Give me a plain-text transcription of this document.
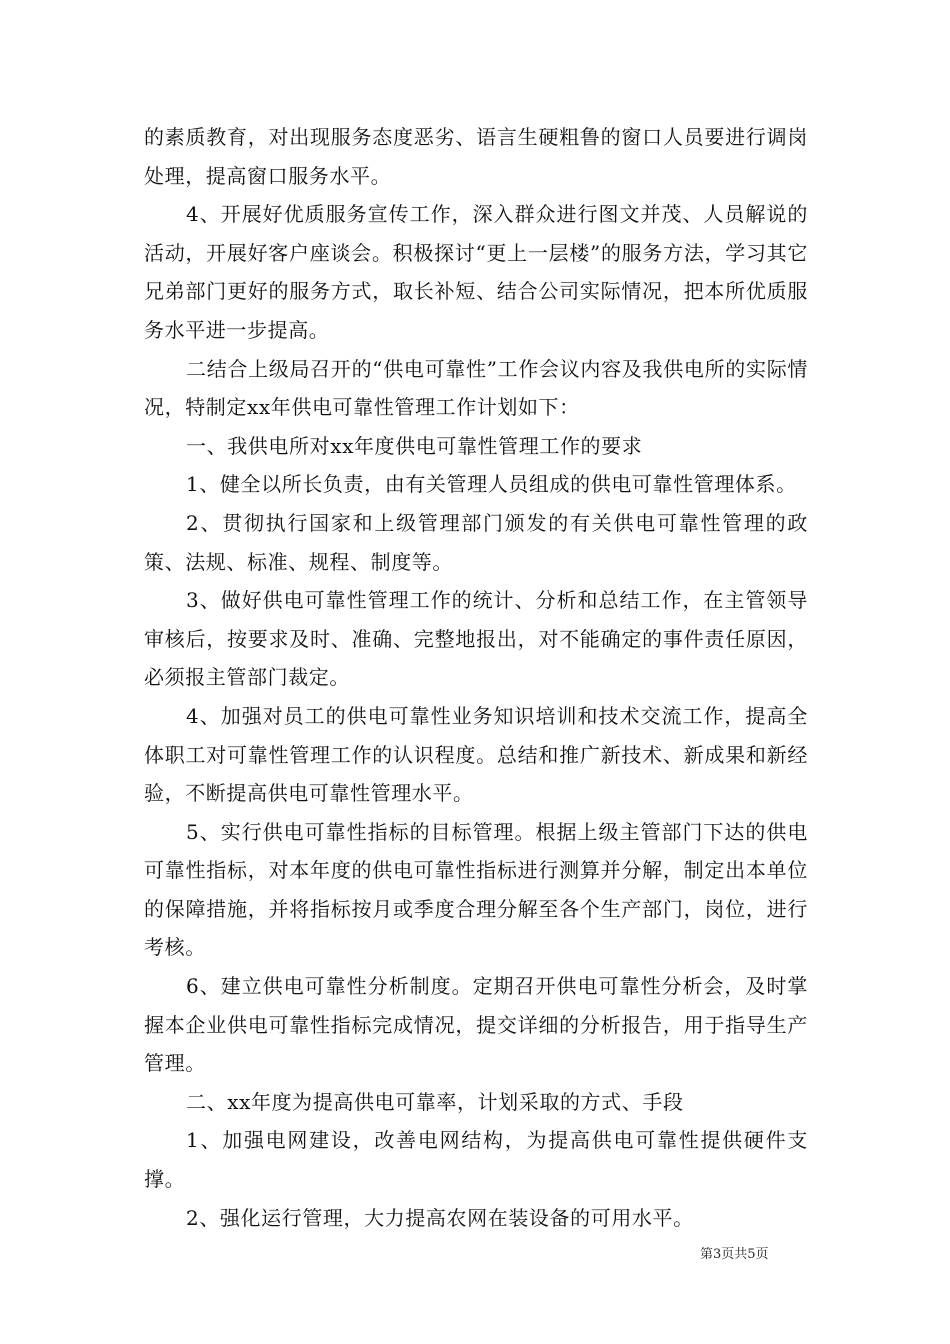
的素质教育，对出现服务态度恶劣、语言生硬粗鲁的窗口人员要进行调岗处理，提高窗口服务水平。

4、开展好优质服务宣传工作，深入群众进行图文并茂、人员解说的活动，开展好客户座谈会。积极探讨“更上一层楼”的服务方法，学习其它兄弟部门更好的服务方式，取长补短、结合公司实际情况，把本所优质服务水平进一步提高。

二结合上级局召开的“供电可靠性”工作会议内容及我供电所的实际情况，特制定xx年供电可靠性管理工作计划如下：

一、我供电所对xx年度供电可靠性管理工作的要求

1、健全以所长负责，由有关管理人员组成的供电可靠性管理体系。

2、贯彻执行国家和上级管理部门颁发的有关供电可靠性管理的政策、法规、标准、规程、制度等。

3、做好供电可靠性管理工作的统计、分析和总结工作，在主管领导审核后，按要求及时、准确、完整地报出，对不能确定的事件责任原因，必须报主管部门裁定。

4、加强对员工的供电可靠性业务知识培训和技术交流工作，提高全体职工对可靠性管理工作的认识程度。总结和推广新技术、新成果和新经验，不断提高供电可靠性管理水平。

5、实行供电可靠性指标的目标管理。根据上级主管部门下达的供电可靠性指标，对本年度的供电可靠性指标进行测算并分解，制定出本单位的保障措施，并将指标按月或季度合理分解至各个生产部门，岗位，进行考核。

6、建立供电可靠性分析制度。定期召开供电可靠性分析会，及时掌握本企业供电可靠性指标完成情况，提交详细的分析报告，用于指导生产管理。

二、xx年度为提高供电可靠率，计划采取的方式、手段

1、加强电网建设，改善电网结构，为提高供电可靠性提供硬件支撑。

2、强化运行管理，大力提高农网在装设备的可用水平。

第3页共5页
